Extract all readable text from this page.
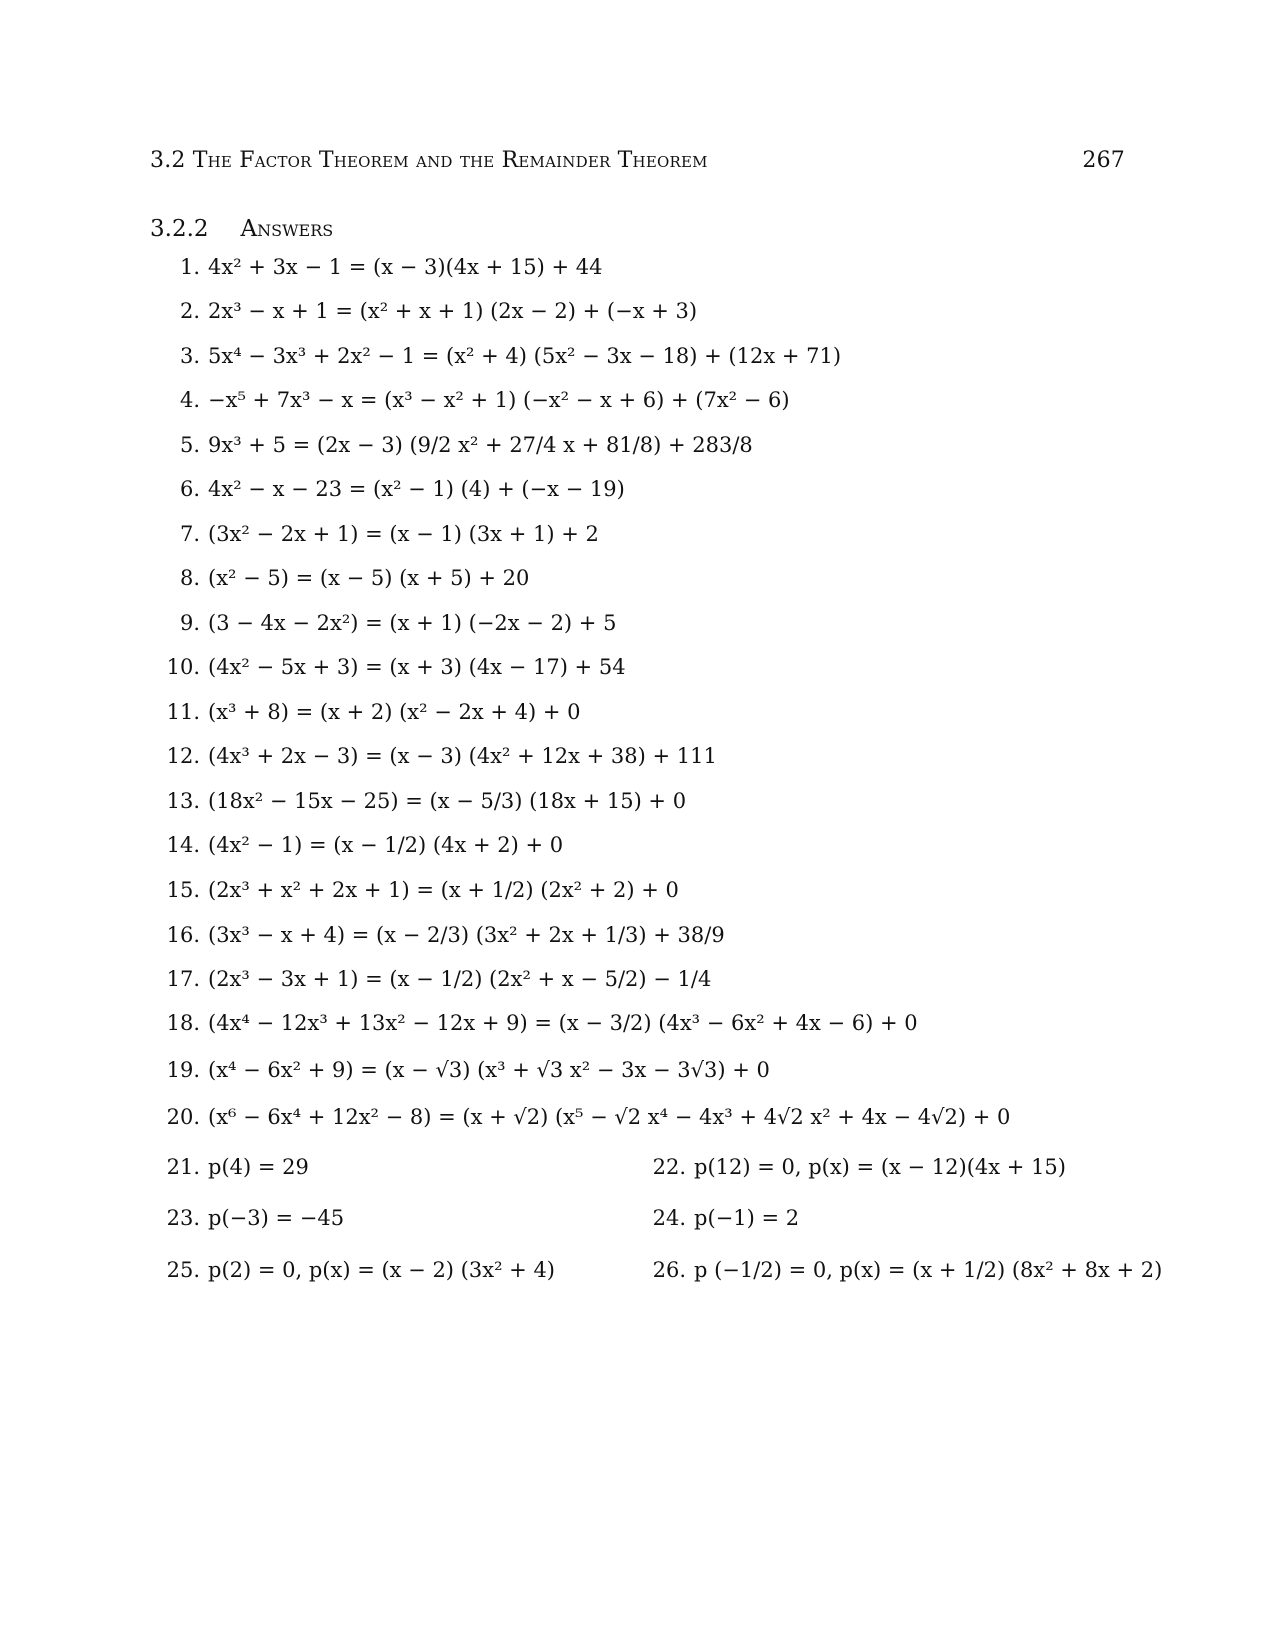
3.2 The Factor Theorem and the Remainder Theorem	267
3.2.2 Answers
1. 4x² + 3x − 1 = (x − 3)(4x + 15) + 44
2. 2x³ − x + 1 = (x² + x + 1) (2x − 2) + (−x + 3)
3. 5x⁴ − 3x³ + 2x² − 1 = (x² + 4) (5x² − 3x − 18) + (12x + 71)
4. −x⁵ + 7x³ − x = (x³ − x² + 1) (−x² − x + 6) + (7x² − 6)
5. 9x³ + 5 = (2x − 3) (9/2 x² + 27/4 x + 81/8) + 283/8
6. 4x² − x − 23 = (x² − 1) (4) + (−x − 19)
7. (3x² − 2x + 1) = (x − 1) (3x + 1) + 2
8. (x² − 5) = (x − 5) (x + 5) + 20
9. (3 − 4x − 2x²) = (x + 1) (−2x − 2) + 5
10. (4x² − 5x + 3) = (x + 3) (4x − 17) + 54
11. (x³ + 8) = (x + 2) (x² − 2x + 4) + 0
12. (4x³ + 2x − 3) = (x − 3) (4x² + 12x + 38) + 111
13. (18x² − 15x − 25) = (x − 5/3) (18x + 15) + 0
14. (4x² − 1) = (x − 1/2) (4x + 2) + 0
15. (2x³ + x² + 2x + 1) = (x + 1/2) (2x² + 2) + 0
16. (3x³ − x + 4) = (x − 2/3) (3x² + 2x + 1/3) + 38/9
17. (2x³ − 3x + 1) = (x − 1/2) (2x² + x − 5/2) − 1/4
18. (4x⁴ − 12x³ + 13x² − 12x + 9) = (x − 3/2) (4x³ − 6x² + 4x − 6) + 0
19. (x⁴ − 6x² + 9) = (x − √3) (x³ + √3 x² − 3x − 3√3) + 0
20. (x⁶ − 6x⁴ + 12x² − 8) = (x + √2) (x⁵ − √2 x⁴ − 4x³ + 4√2 x² + 4x − 4√2) + 0
21. p(4) = 29	22. p(12) = 0, p(x) = (x − 12)(4x + 15)
23. p(−3) = −45	24. p(−1) = 2
25. p(2) = 0, p(x) = (x − 2) (3x² + 4)	26. p (−1/2) = 0, p(x) = (x + 1/2) (8x² + 8x + 2)
